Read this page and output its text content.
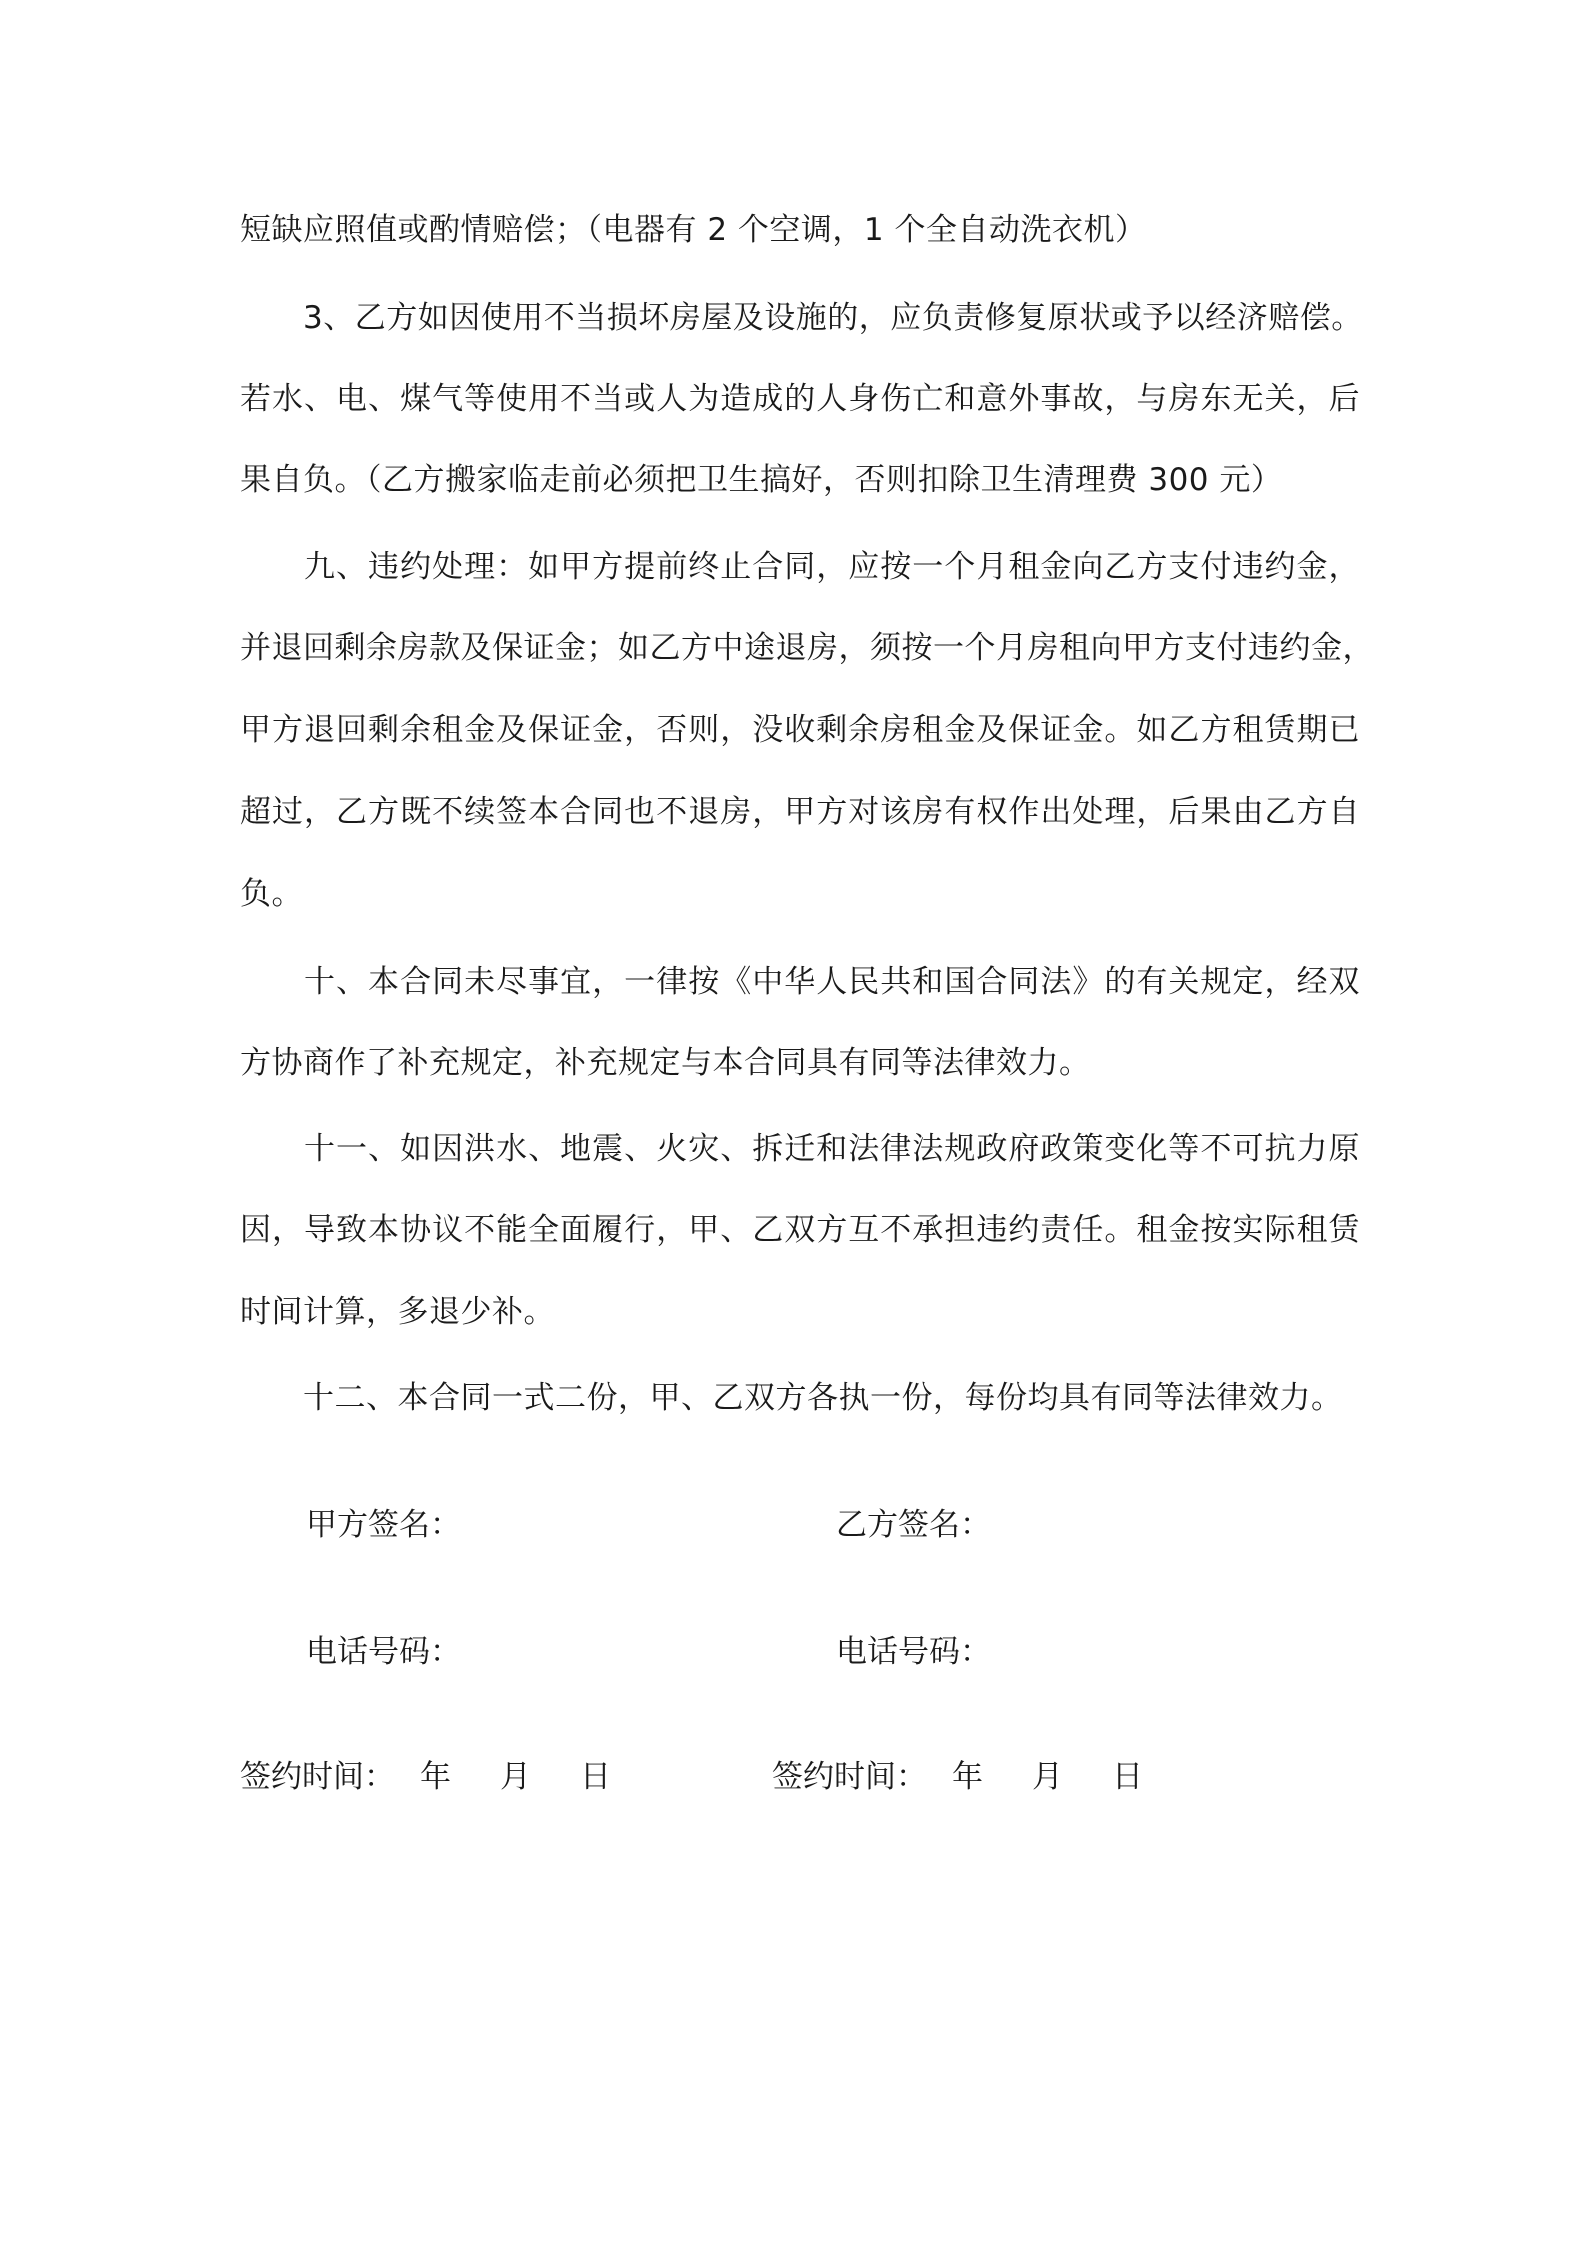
短缺应照值或酌情赔偿；（电器有 2 个空调，1 个全自动洗衣机）
　　3、乙方如因使用不当损坏房屋及设施的，应负责修复原状或予以经济赔偿。
若水、电、煤气等使用不当或人为造成的人身伤亡和意外事故，与房东无关，后
果自负。（乙方搬家临走前必须把卫生搞好，否则扣除卫生清理费 300 元）
　　九、违约处理：如甲方提前终止合同，应按一个月租金向乙方支付违约金，
并退回剩余房款及保证金；如乙方中途退房，须按一个月房租向甲方支付违约金，
甲方退回剩余租金及保证金，否则，没收剩余房租金及保证金。如乙方租赁期已
超过，乙方既不续签本合同也不退房，甲方对该房有权作出处理，后果由乙方自
负。
　　十、本合同未尽事宜，一律按《中华人民共和国合同法》的有关规定，经双
方协商作了补充规定，补充规定与本合同具有同等法律效力。
　　十一、如因洪水、地震、火灾、拆迁和法律法规政府政策变化等不可抗力原
因，导致本协议不能全面履行，甲、乙双方互不承担违约责任。租金按实际租赁
时间计算，多退少补。
　　十二、本合同一式二份，甲、乙双方各执一份，每份均具有同等法律效力。
甲方签名：	乙方签名：
电话号码：	电话号码：
签约时间： 年 月 日	签约时间： 年 月 日
